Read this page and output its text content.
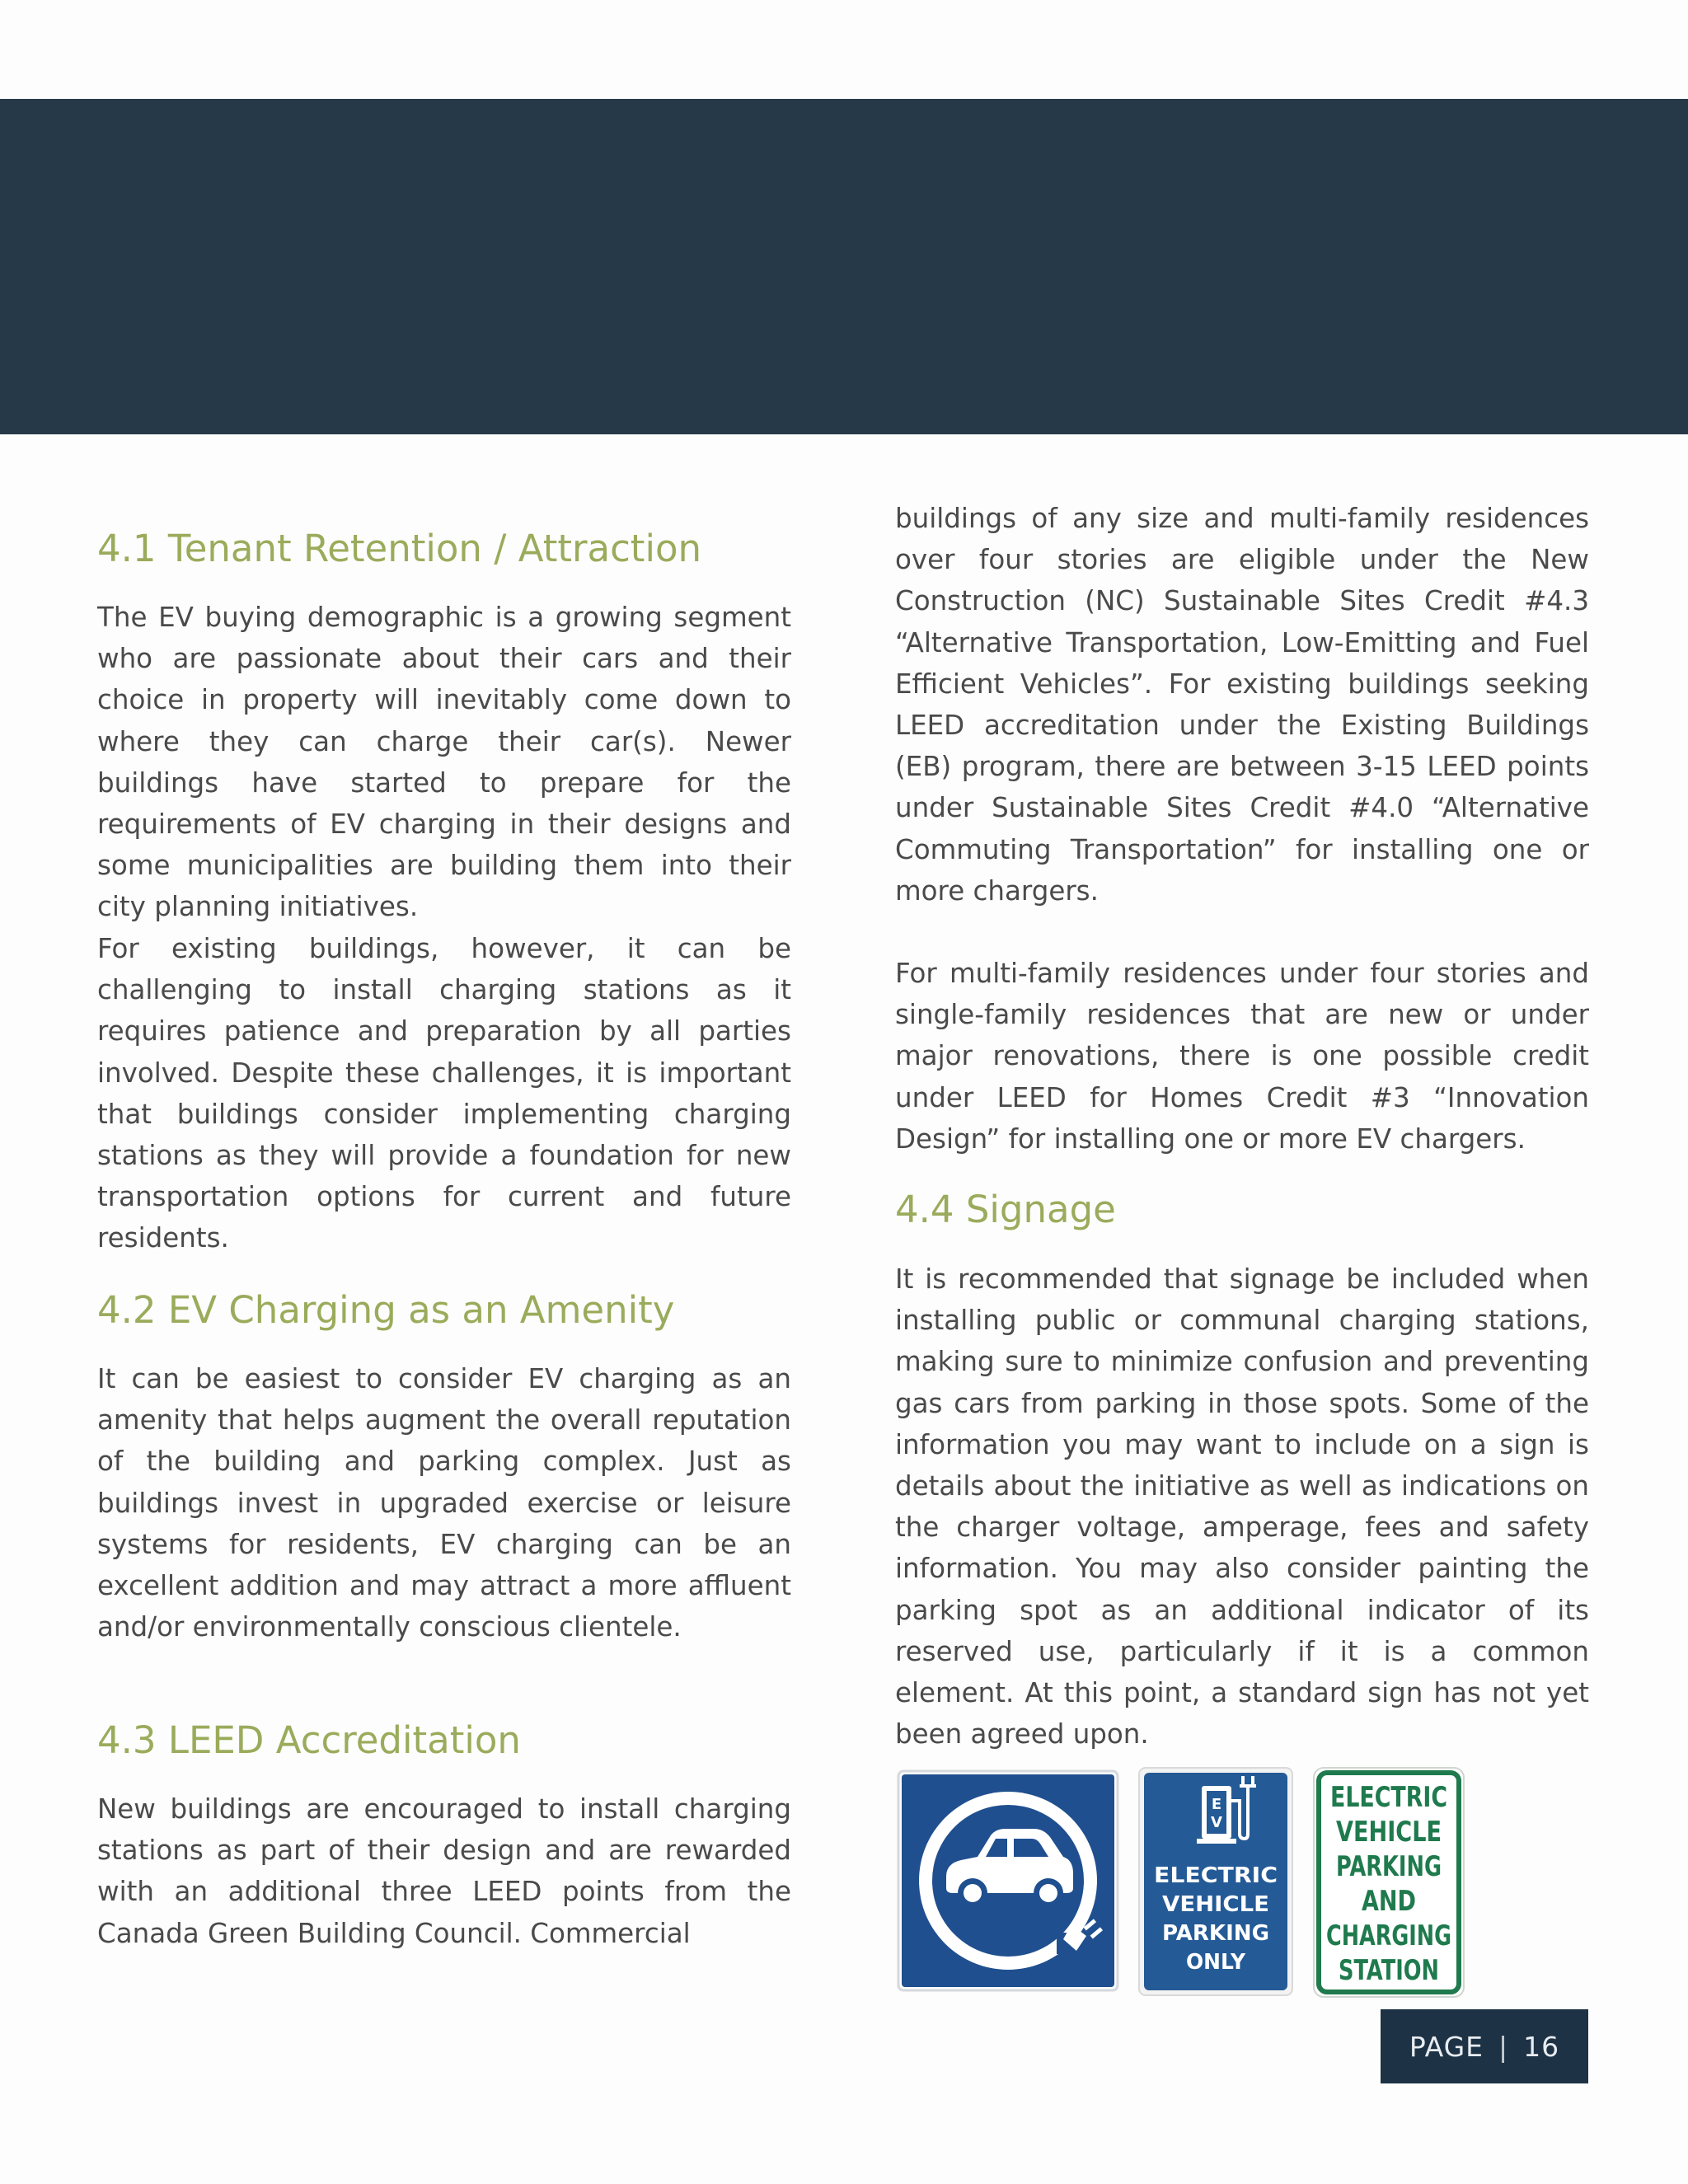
4.1 Tenant Retention / Attraction

The EV buying demographic is a growing segment who are passionate about their cars and their choice in property will inevitably come down to where they can charge their car(s). Newer buildings have started to prepare for the requirements of EV charging in their designs and some municipalities are building them into their city planning initiatives.

For existing buildings, however, it can be challenging to install charging stations as it requires patience and preparation by all parties involved. Despite these challenges, it is important that buildings consider implementing charging stations as they will provide a foundation for new transportation options for current and future residents.

4.2 EV Charging as an Amenity

It can be easiest to consider EV charging as an amenity that helps augment the overall reputation of the building and parking complex. Just as buildings invest in upgraded exercise or leisure systems for residents, EV charging can be an excellent addition and may attract a more affluent and/or environmentally conscious clientele.

4.3 LEED Accreditation

New buildings are encouraged to install charging stations as part of their design and are rewarded with an additional three LEED points from the Canada Green Building Council. Commercial

buildings of any size and multi-family residences over four stories are eligible under the New Construction (NC) Sustainable Sites Credit #4.3 “Alternative Transportation, Low-Emitting and Fuel Efficient Vehicles”. For existing buildings seeking LEED accreditation under the Existing Buildings (EB) program, there are between 3-15 LEED points under Sustainable Sites Credit #4.0 “Alternative Commuting Transportation” for installing one or more chargers.

For multi-family residences under four stories and single-family residences that are new or under major renovations, there is one possible credit under LEED for Homes Credit #3 “Innovation Design” for installing one or more EV chargers.

4.4 Signage

It is recommended that signage be included when installing public or communal charging stations, making sure to minimize confusion and preventing gas cars from parking in those spots. Some of the information you may want to include on a sign is details about the initiative as well as indications on the charger voltage, amperage, fees and safety information. You may also consider painting the parking spot as an additional indicator of its reserved use, particularly if it is a common element. At this point, a standard sign has not yet been agreed upon.

E
V
ELECTRIC
VEHICLE
PARKING
ONLY
ELECTRIC
VEHICLE
PARKING
AND
CHARGING
STATION
PAGE | 16
